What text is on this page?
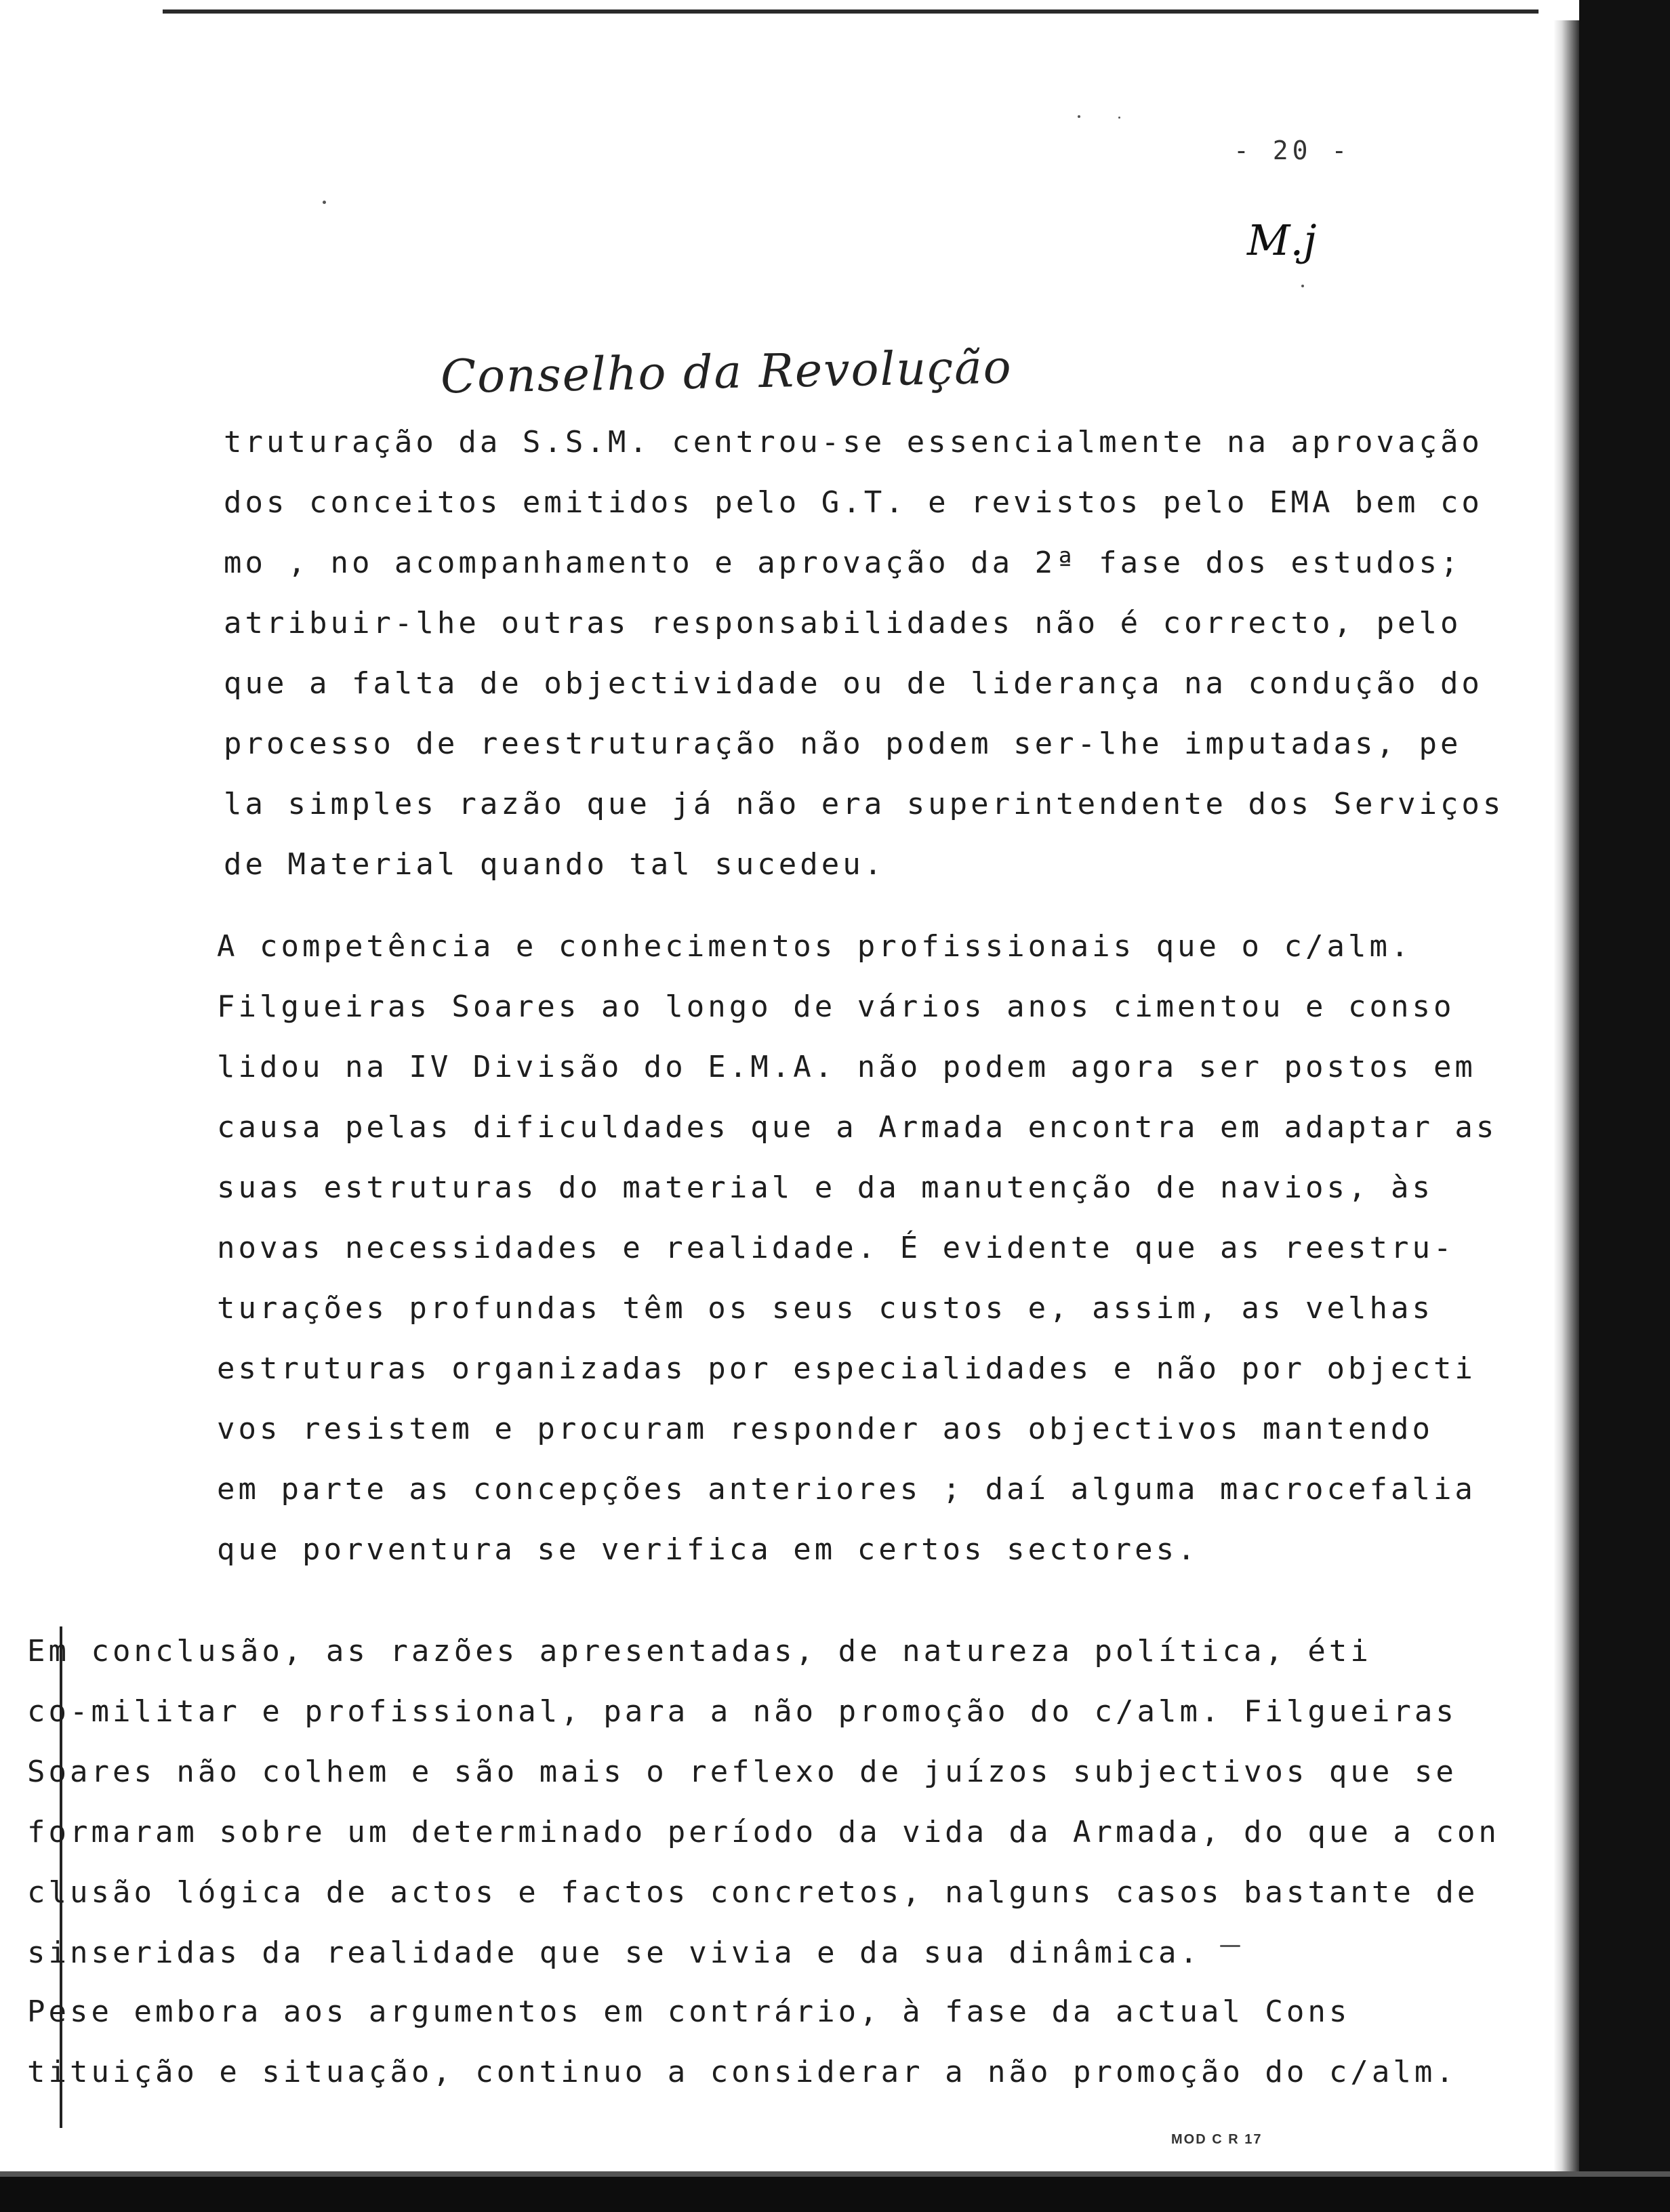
- 20 -
M.j
Conselho da Revolução
truturação da S.S.M. centrou-se essencialmente na aprovação
dos conceitos emitidos pelo G.T. e revistos pelo EMA bem co
mo , no acompanhamento e aprovação da 2ª fase dos estudos;
atribuir-lhe outras responsabilidades não é correcto, pelo
que a falta de objectividade ou de liderança na condução do
processo de reestruturação não podem ser-lhe imputadas, pe
la simples razão que já não era superintendente dos Serviços
de Material quando tal sucedeu.
A competência e conhecimentos profissionais que o c/alm.
Filgueiras Soares ao longo de vários anos cimentou e conso
lidou na IV Divisão do E.M.A. não podem agora ser postos em
causa pelas dificuldades que a Armada encontra em adaptar as
suas estruturas do material e da manutenção de navios, às
novas necessidades e realidade. É evidente que as reestru-
turações profundas têm os seus custos e, assim, as velhas
estruturas organizadas por especialidades e não por objecti
vos resistem e procuram responder aos objectivos mantendo
em parte as concepções anteriores ; daí alguma macrocefalia
que porventura se verifica em certos sectores.
Em conclusão, as razões apresentadas, de natureza política, éti
co-militar e profissional, para a não promoção do c/alm. Filgueiras
Soares não colhem e são mais o reflexo de juízos subjectivos que se
formaram sobre um determinado período da vida da Armada, do que a con
clusão lógica de actos e factos concretos, nalguns casos bastante de
sinseridas da realidade que se vivia e da sua dinâmica.
Pese embora aos argumentos em contrário, à fase da actual Cons
tituição e situação, continuo a considerar a não promoção do c/alm.
MOD C R 17
